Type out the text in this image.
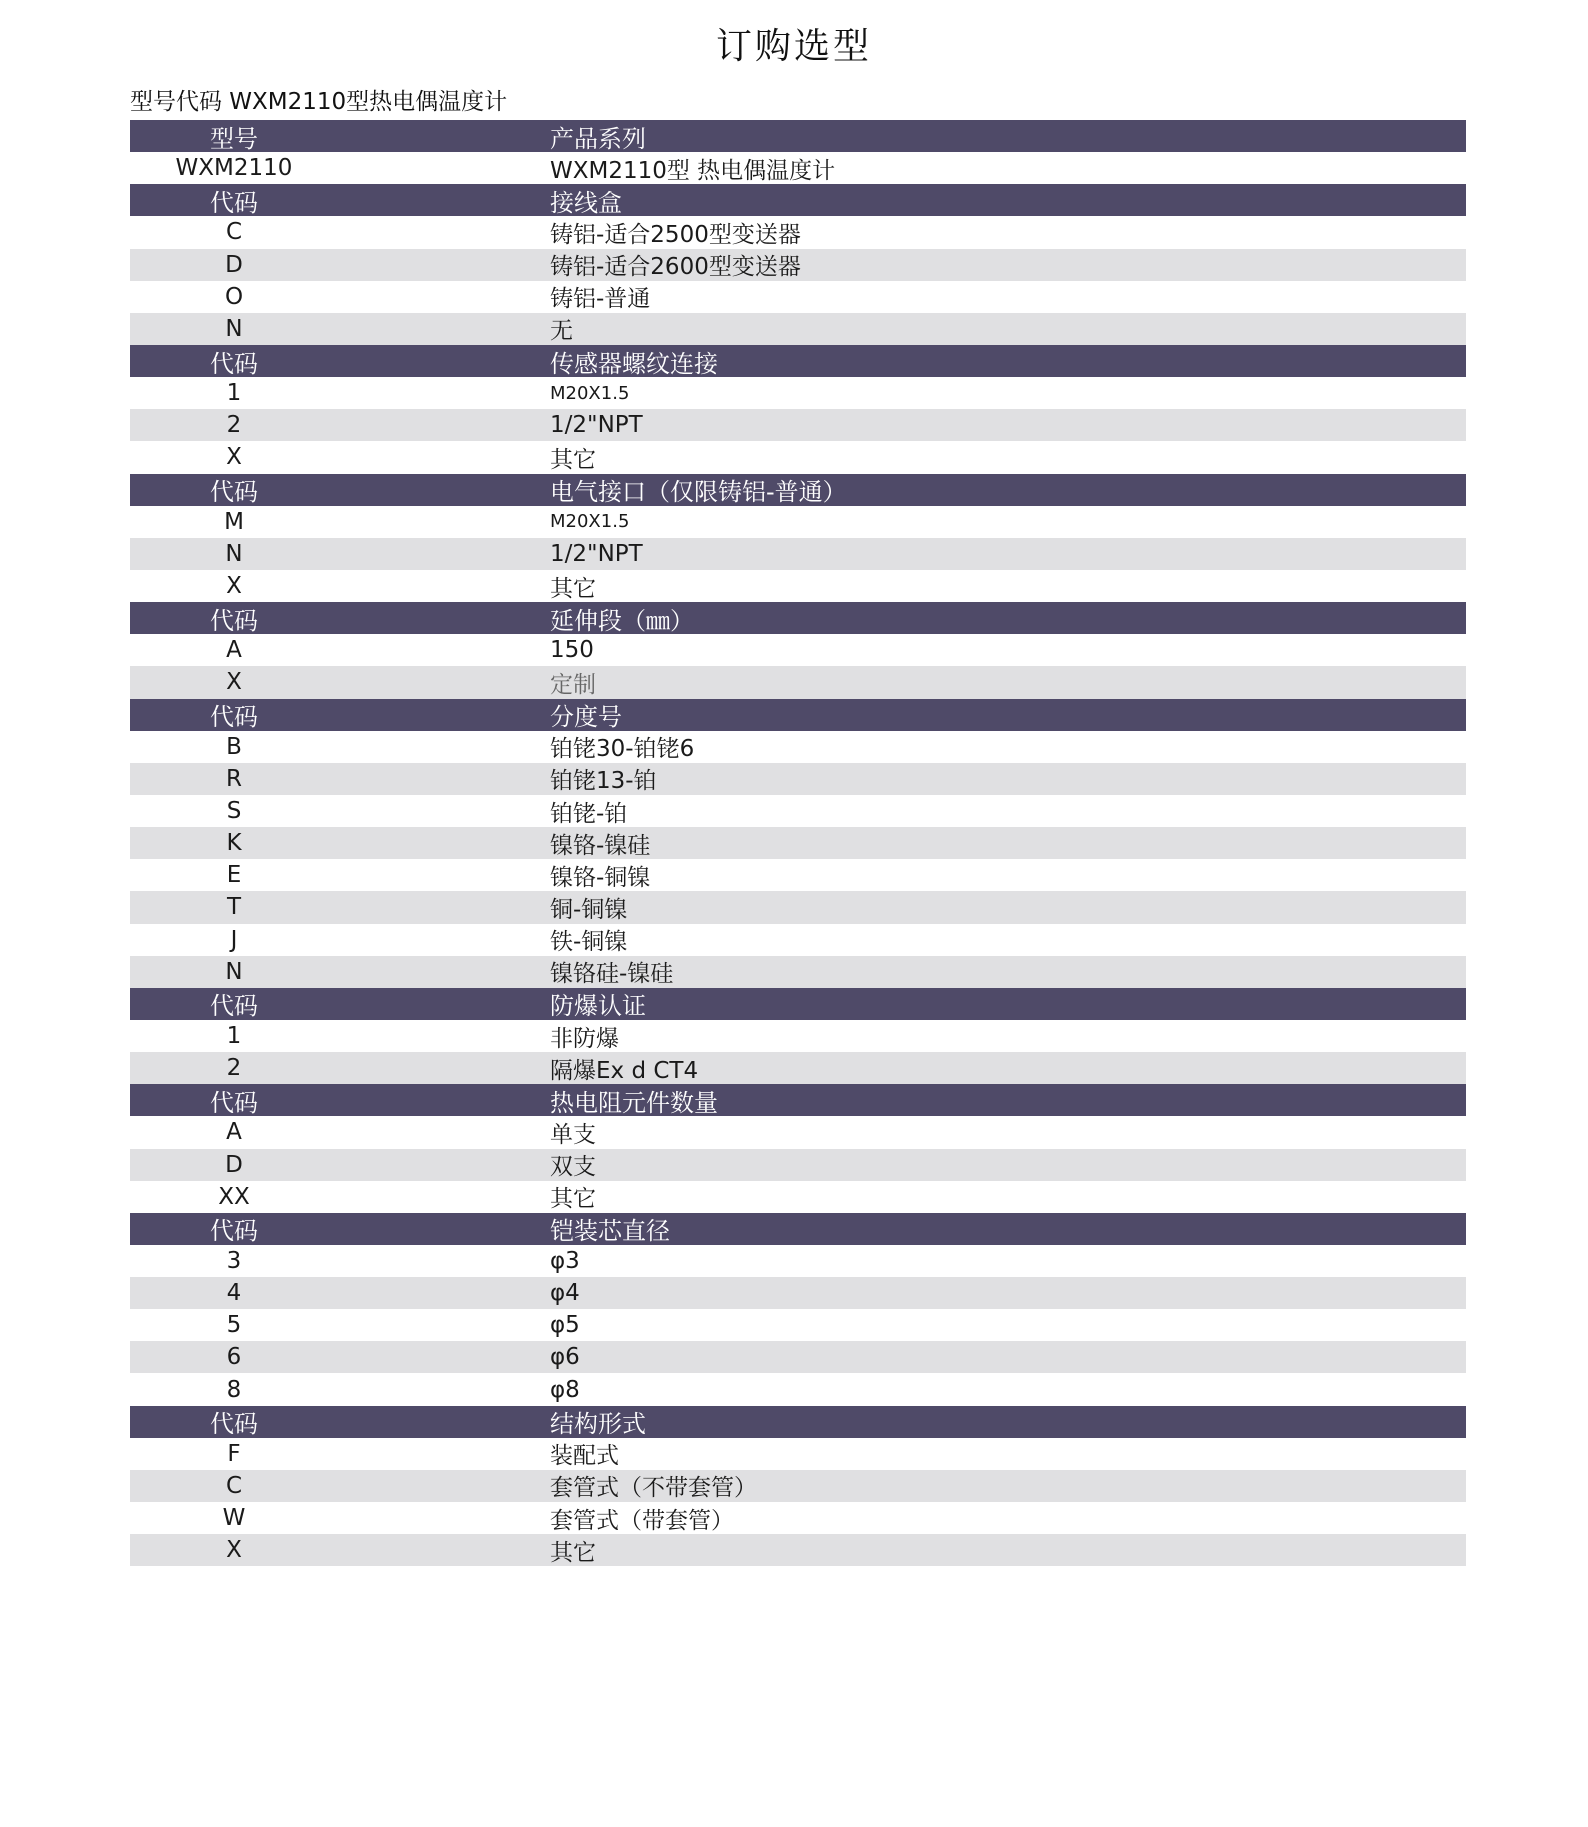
订购选型
型号代码 WXM2110型热电偶温度计
型号	产品系列
WXM2110	WXM2110型 热电偶温度计
代码	接线盒
C	铸铝-适合2500型变送器
D	铸铝-适合2600型变送器
O	铸铝-普通
N	无
代码	传感器螺纹连接
1	M20X1.5
2	1/2"NPT
X	其它
代码	电气接口（仅限铸铝-普通）
M	M20X1.5
N	1/2"NPT
X	其它
代码	延伸段（㎜）
A	150
X	定制
代码	分度号
B	铂铑30-铂铑6
R	铂铑13-铂
S	铂铑-铂
K	镍铬-镍硅
E	镍铬-铜镍
T	铜-铜镍
J	铁-铜镍
N	镍铬硅-镍硅
代码	防爆认证
1	非防爆
2	隔爆Ex d CT4
代码	热电阻元件数量
A	单支
D	双支
XX	其它
代码	铠装芯直径
3	φ3
4	φ4
5	φ5
6	φ6
8	φ8
代码	结构形式
F	装配式
C	套管式（不带套管）
W	套管式（带套管）
X	其它
